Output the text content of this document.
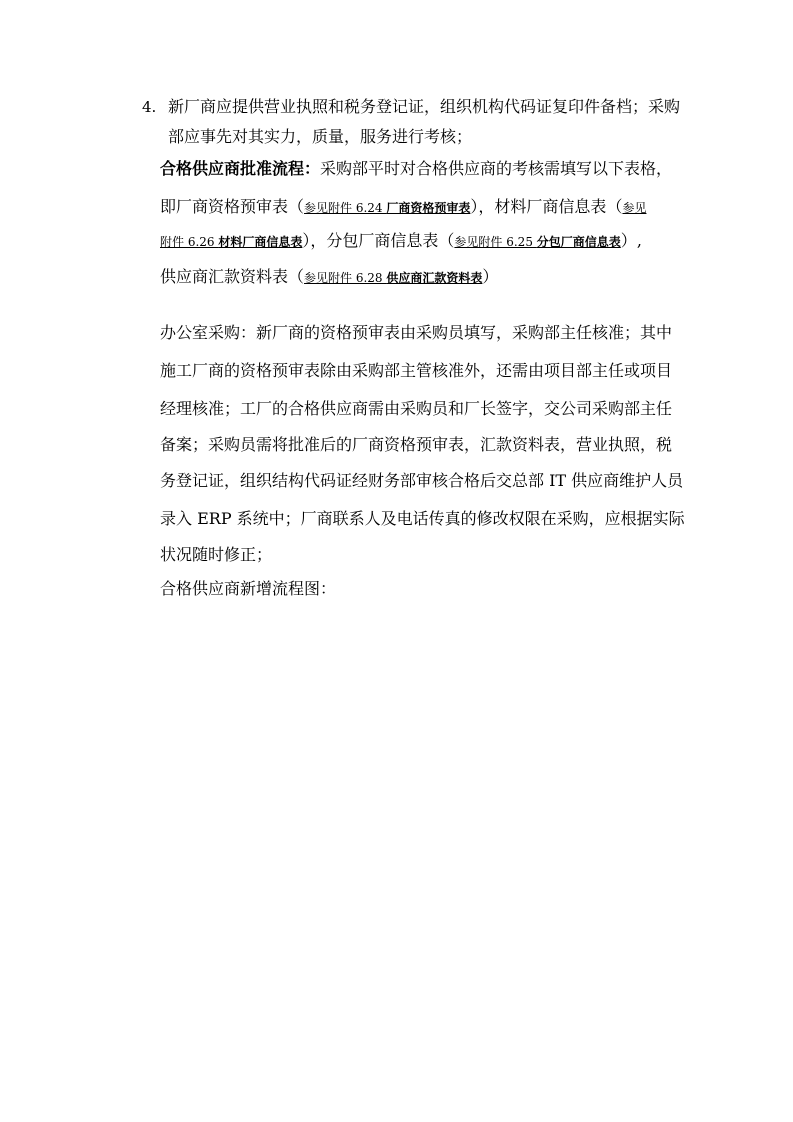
4. 新厂商应提供营业执照和税务登记证，组织机构代码证复印件备档；采购
部应事先对其实力，质量，服务进行考核；
合格供应商批准流程：采购部平时对合格供应商的考核需填写以下表格，
即厂商资格预审表（参见附件 6.24 厂商资格预审表），材料厂商信息表（参见
附件 6.26 材料厂商信息表），分包厂商信息表（参见附件 6.25 分包厂商信息表）,
供应商汇款资料表（参见附件 6.28 供应商汇款资料表）
办公室采购：新厂商的资格预审表由采购员填写，采购部主任核准；其中
施工厂商的资格预审表除由采购部主管核准外，还需由项目部主任或项目
经理核准；工厂的合格供应商需由采购员和厂长签字，交公司采购部主任
备案；采购员需将批准后的厂商资格预审表，汇款资料表，营业执照，税
务登记证，组织结构代码证经财务部审核合格后交总部 IT 供应商维护人员
录入 ERP 系统中；厂商联系人及电话传真的修改权限在采购，应根据实际
状况随时修正；
合格供应商新增流程图：
